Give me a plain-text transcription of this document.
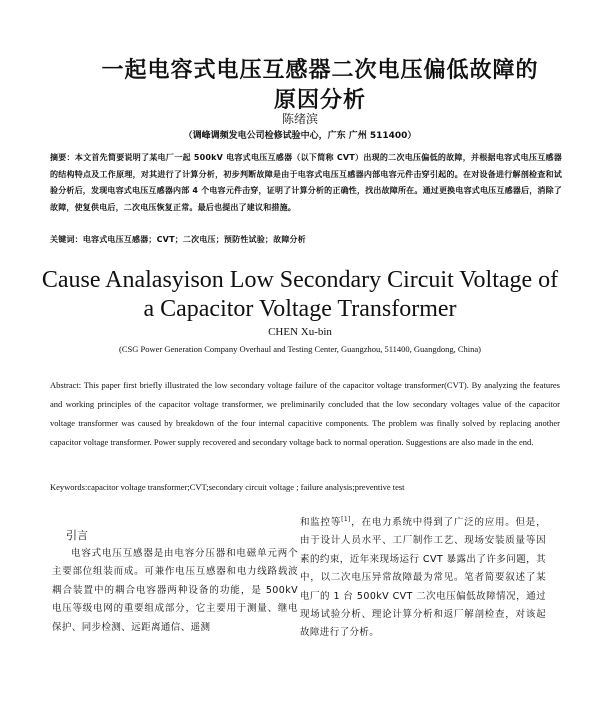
一起电容式电压互感器二次电压偏低故障的
原因分析
陈绪滨
（调峰调频发电公司检修试验中心，广东 广州 511400）
摘要：本文首先简要说明了某电厂一起 500kV 电容式电压互感器（以下简称 CVT）出现的二次电压偏低的故障，并根据电容式电压互感器的结构特点及工作原理，对其进行了计算分析，初步判断故障是由于电容式电压互感器内部电容元件击穿引起的。在对设备进行解剖检查和试验分析后，发现电容式电压互感器内部 4 个电容元件击穿，证明了计算分析的正确性，找出故障所在。通过更换电容式电压互感器后，消除了故障，使复供电后，二次电压恢复正常。最后也提出了建议和措施。
关键词：电容式电压互感器；CVT；二次电压；预防性试验；故障分析
Cause Analasyison Low Secondary Circuit Voltage of
a Capacitor Voltage Transformer
CHEN Xu-bin
(CSG Power Generation Company Overhaul and Testing Center, Guangzhou, 511400, Guangdong, China)
Abstract: This paper first briefly illustrated the low secondary voltage failure of the capacitor voltage transformer(CVT). By analyzing the features and working principles of the capacitor voltage transformer, we preliminarily concluded that the low secondary voltages value of the capacitor voltage transformer was caused by breakdown of the four internal capacitive components. The problem was finally solved by replacing another capacitor voltage transformer. Power supply recovered and secondary voltage back to normal operation. Suggestions are also made in the end.
Keywords:capacitor voltage transformer;CVT;secondary circuit voltage ; failure analysis;preventive test
引言
电容式电压互感器是由电容分压器和电磁单元两个主要部位组装而成。可兼作电压互感器和电力线路载波耦合装置中的耦合电容器两种设备的功能，是 500kV 电压等级电网的重要组成部分，它主要用于测量、继电保护、同步检测、远距离通信、遥测
和监控等[1]，在电力系统中得到了广泛的应用。但是，由于设计人员水平、工厂制作工艺、现场安装质量等因素的约束，近年来现场运行 CVT 暴露出了许多问题，其中，以二次电压异常故障最为常见。笔者简要叙述了某电厂的 1 台 500kV CVT 二次电压偏低故障情况，通过现场试验分析、理论计算分析和返厂解剖检查，对该起故障进行了分析。
